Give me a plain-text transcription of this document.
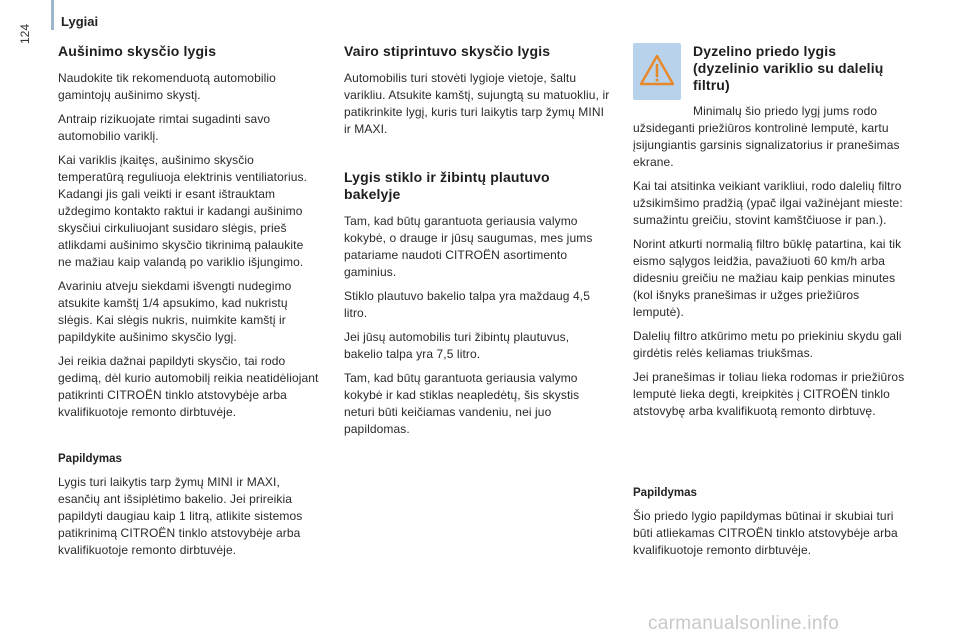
Lygiai
124
Aušinimo skysčio lygis

Naudokite tik rekomenduotą automobilio gamintojų aušinimo skystį.

Antraip rizikuojate rimtai sugadinti savo automobilio variklį.

Kai variklis įkaitęs, aušinimo skysčio temperatūrą reguliuoja elektrinis ventiliatorius. Kadangi jis gali veikti ir esant ištrauktam uždegimo kontakto raktui ir kadangi aušinimo skysčiui cirkuliuojant susidaro slėgis, prieš atlikdami aušinimo skysčio tikrinimą palaukite ne mažiau kaip valandą po variklio išjungimo.

Avariniu atveju siekdami išvengti nudegimo atsukite kamštį 1/4 apsukimo, kad nukristų slėgis. Kai slėgis nukris, nuimkite kamštį ir papildykite aušinimo skysčio lygį.

Jei reikia dažnai papildyti skysčio, tai rodo gedimą, dėl kurio automobilį reikia neatidėliojant patikrinti CITROËN tinklo atstovybėje arba kvalifikuotoje remonto dirbtuvėje.

Papildymas

Lygis turi laikytis tarp žymų MINI ir MAXI, esančių ant išsiplėtimo bakelio. Jei prireikia papildyti daugiau kaip 1 litrą, atlikite sistemos patikrinimą CITROËN tinklo atstovybėje arba kvalifikuotoje remonto dirbtuvėje.

Vairo stiprintuvo skysčio lygis

Automobilis turi stovėti lygioje vietoje, šaltu varikliu. Atsukite kamštį, sujungtą su matuokliu, ir patikrinkite lygį, kuris turi laikytis tarp žymų MINI ir MAXI.

Lygis stiklo ir žibintų plautuvo bakelyje

Tam, kad būtų garantuota geriausia valymo kokybė, o drauge ir jūsų saugumas, mes jums patariame naudoti CITROËN asortimento gaminius.

Stiklo plautuvo bakelio talpa yra maždaug 4,5 litro.

Jei jūsų automobilis turi žibintų plautuvus, bakelio talpa yra 7,5 litro.

Tam, kad būtų garantuota geriausia valymo kokybė ir kad stiklas neapledėtų, šis skystis neturi būti keičiamas vandeniu, nei juo papildomas.

Dyzelino priedo lygis (dyzelinio variklio su dalelių filtru)

Minimalų šio priedo lygį jums rodo užsideganti priežiūros kontrolinė lemputė, kartu įsijungiantis garsinis signalizatorius ir pranešimas ekrane.

Kai tai atsitinka veikiant varikliui, rodo dalelių filtro užsikimšimo pradžią (ypač ilgai važinėjant mieste: sumažintu greičiu, stovint kamštčiuose ir pan.).

Norint atkurti normalią filtro būklę patartina, kai tik eismo sąlygos leidžia, pavažiuoti 60 km/h arba didesniu greičiu ne mažiau kaip penkias minutes (kol išnyks pranešimas ir užges priežiūros lemputė).

Dalelių filtro atkūrimo metu po priekiniu skydu gali girdėtis relės keliamas triukšmas.

Jei pranešimas ir toliau lieka rodomas ir priežiūros lemputė lieka degti, kreipkitės į CITROËN tinklo atstovybę arba kvalifikuotą remonto dirbtuvę.

Papildymas

Šio priedo lygio papildymas būtinai ir skubiai turi būti atliekamas CITROËN tinklo atstovybėje arba kvalifikuotoje remonto dirbtuvėje.

carmanualsonline.info
